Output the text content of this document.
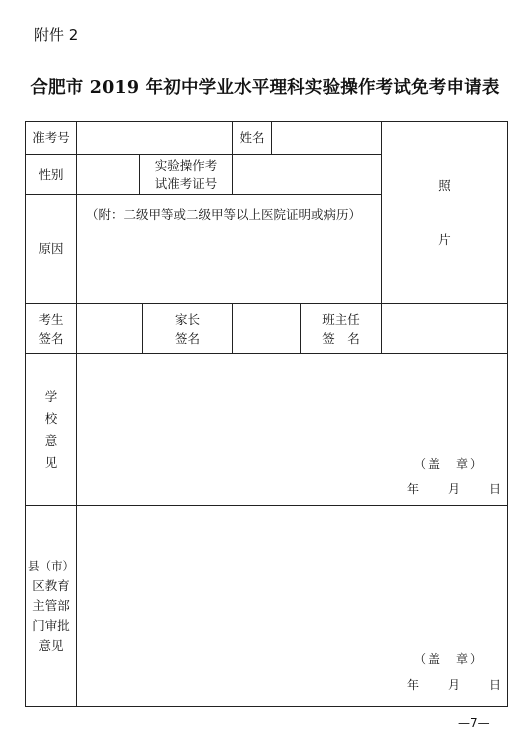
附件 2
合肥市 2019 年初中学业水平理科实验操作考试免考申请表
准考号	姓名
照
片
性别
实验操作考
试准考证号
原因
（附：二级甲等或二级甲等以上医院证明或病历）
考生
签名
家长
签名
班主任
签　名
学
校
意
见	（盖　章）
年 月 日
县（市）
区教育
主管部
门审批
意见
（盖　章）
年 月 日
—7—
